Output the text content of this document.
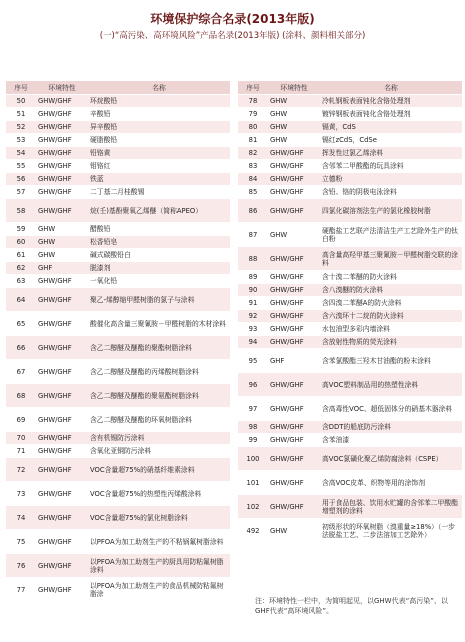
环境保护综合名录(2013年版)
(一)“高污染、高环境风险”产品名录(2013年版) (涂料、颜料相关部分)
序号	环境特性	名称
50	GHW/GHF	环烷酸铅
51	GHW/GHF	辛酸铅
52	GHW/GHF	异辛酸铅
53	GHW/GHF	硬脂酸铅
54	GHW/GHF	铅铬黄
55	GHW/GHF	钼铬红
56	GHW/GHF	铁蓝
57	GHW/GHF	二丁基二月桂酸锡
58	GHW/GHF	烷(壬)基酚聚氧乙烯醚（简称APEO）
59	GHW	醋酸铅
60	GHW	松香铅皂
61	GHW	碱式碳酸铅白
62	GHF	脱漆剂
63	GHW/GHF	一氧化铅
64	GHW/GHF	聚乙-烯醇缩甲醛树脂的氯子与涂料
65	GHW/GHF	酸催化高含量三聚氰胺－甲醛树脂的木材涂料
66	GHW/GHF	含乙二醇醚及醚酯的聚酯树脂涂料
67	GHW/GHF	含乙二醇醚及醚酯的丙烯酸树脂涂料
68	GHW/GHF	含乙二醇醚及醚酯的聚氨酯树脂涂料
69	GHW/GHF	含乙二醇醚及醚酯的环氧树脂涂料
70	GHW/GHF	含有机锡防污涂料
71	GHW/GHF	含氧化亚铜防污涂料
72	GHW/GHF	VOC含量超75%的硝基纤维素涂料
73	GHW/GHF	VOC含量超75%的热塑性丙烯酸涂料
74	GHW/GHF	VOC含量超75%的氯化树脂涂料
75	GHW/GHF	以PFOA为加工助剂生产的不粘锅氟树脂涂料
76	GHW/GHF	以PFOA为加工助剂生产的厨具用防粘氟树脂涂料
77	GHW/GHF	以PFOA为加工助剂生产的食品机械防粘氟树脂涂
序号	环境特性	名称
78	GHW	冷轧钢板表面钝化含铬处理剂
79	GHW	镀锌钢板表面钝化含铬处理剂
80	GHW	镉黄，CdS
81	GHW	镉红zCdS，CdSe
82	GHW/GHF	挥发性过氯乙烯涂料
83	GHW/GHF	含邻苯二甲酸酯的玩具涂料
84	GHW/GHF	立德粉
85	GHW/GHF	含铅、铬的阴极电泳涂料
86	GHW/GHF	四氯化碳溶剂法生产的氯化橡胶树脂
87	GHW	硬酯盐工艺联产法清洁生产工艺除外生产的钛白粉
88	GHW/GHF	高含量高羟甲基三聚氰胺－甲醛树脂交联的涂料
89	GHW/GHF	含十溴二苯醚的防火涂料
90	GHW/GHF	含八溴醚的防火涂料
91	GHW/GHF	含四溴二苯醚A的防火涂料
92	GHW/GHF	含六溴环十二烷的防火涂料
93	GHW/GHF	水包油型多彩内墙涂料
94	GHW/GHF	含放射性物质的荧光涂料
95	GHF	含苯氯酸酯三羟木甘油酯的粉末涂料
96	GHW/GHF	高VOC塑料制品用的热塑性涂料
97	GHW/GHF	含高毒性VOC、超低固体分的硝基木器涂料
98	GHW/GHF	含DDT的船底防污涂料
99	GHW/GHF	含苯油漆
100	GHW/GHF	高VOC氯磺化聚乙烯防腐涂料（CSPE）
101	GHW/GHF	含高VOC皮革、织物等用的涂饰剂
102	GHW/GHF	用于食品包装、饮用水贮罐的含邻苯二甲酸酯增塑剂的涂料
492	GHW	初级形状的环氧树脂（溴重量≥18%）（一步法脱盐工艺、二步法溶加工艺除外）
注：环境特性一栏中，为简明起见，以GHW代表“高污染”、以GHF代表“高环境风险”。
